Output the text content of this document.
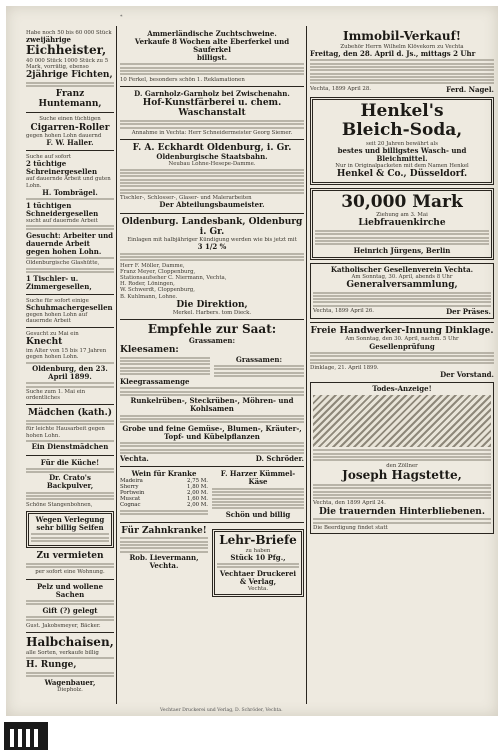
*
Habe noch 50 bis 60 000 Stück
zweijährige
Eichheister,
40 000 Stück 1000 Stück zu 5
Mark, vorrätig, ebenso
2jährige Fichten,
Franz Huntemann,
Suche einen tüchtigen
Cigarren-Roller
gegen hohen Lohn dauernd
F. W. Haller.
Suche auf sofort
2 tüchtige Schreinergesellen
auf dauernde Arbeit und guten Lohn.
H. Tombrägel.
1 tüchtigen Schneidergesellen
sucht auf dauernde Arbeit
Gesucht: Arbeiter und dauernde Arbeit gegen hohen Lohn.
Oldenburgische Glashütte,
1 Tischler- u. Zimmergesellen,
Suche für sofort einige
Schuhmachergesellen
gegen hohen Lohn auf dauernde Arbeit
Gesucht zu Mai ein
Knecht
im Alter von 15 bis 17 Jahren gegen hohen Lohn.
Oldenburg, den 23. April 1899.
Suche zum 1. Mai ein ordentliches
Mädchen (kath.)
für leichte Hausarbeit gegen hohen Lohn.
Ein Dienstmädchen
Für die Küche!
Dr. Crato's Backpulver,
Schöne Stangenbohnen,
Wegen Verlegung sehr billig Seifen
Zu vermieten
per sofort eine Wohnung.
Pelz und wollene Sachen
Gift (?) gelegt
Gust. Jakobsmeyer, Bäcker.
Halbchaisen,
alle Sorten, verkaufe billig
H. Runge,
Wagenbauer,
Diepholz.
Ammerländische Zuchtschweine.
Verkaufe 8 Wochen alte Eberferkel und Sauferkel
billigst.
10 Ferkel, besonders schön 1. Reklamationen
D. Garnholz-Garnholz bei Zwischenahn.
Hof-Kunstfärberei u. chem. Waschanstalt
Annahme in Vechta: Herr Schneidermeister Georg Siemer.
F. A. Eckhardt Oldenburg, i. Gr.
Oldenburgische Staatsbahn.
Neubau Lohne-Hesepe-Damme.
Tischler-, Schlosser-, Glaser- und Malerarbeiten
Der Abteilungsbaumeister.
Oldenburg. Landesbank, Oldenburg i. Gr.
Einlagen mit halbjähriger Kündigung werden wie bis jetzt mit
3 1/2 %
Herr F. Möller, Damme,
Franz Meyer, Cloppenburg,
Stationsaufseher C. Niermann, Vechta,
H. Roder, Löningen,
W. Schwerdt, Cloppenburg,
B. Kuhlmann, Lohne.
Die Direktion,
Merkel. Harbers. tom Dieck.
Empfehle zur Saat:
Grassamen:
Kleesamen:
Grassamen:
Kleegrassamenge
Runkelrüben-, Steckrüben-, Möhren- und Kohlsamen
Grobe und feine Gemüse-, Blumen-, Kräuter-, Topf- und Kübelpflanzen
Vechta.	D. Schröder.
Wein für Kranke
Madeira	2,75 M.
Sherry	1,80 M.
Portwein	2,00 M.
Muscat	1,60 M.
Cognac	2,00 M.
F. Harzer Kümmel-Käse
Schön und billig
Für Zahnkranke!
Rob. Lievermann, Vechta.
Lehr-Briefe
zu haben
Stück 10 Pfg.,
Vechtaer Druckerei & Verlag,
Vechta.
Immobil-Verkauf!
Zubehör Herrn Wilhelm Klövekorn zu Vechta
Freitag, den 28. April d. Js., mittags 2 Uhr
Vechta, 1899 April 28.	Ferd. Nagel.
Henkel's
Bleich-Soda,
seit 20 Jahren bewährt als
bestes und billigstes Wasch- und Bleichmittel.
Nur in Originalpacketen mit dem Namen Henkel
Henkel & Co., Düsseldorf.
30,000 Mark
Ziehung am 3. Mai
Liebfrauenkirche
Heinrich Jürgens, Berlin
Katholischer Gesellenverein Vechta.
Am Sonntag, 30. April, abends 8 Uhr
Generalversammlung,
Vechta, 1899 April 26.	Der Präses.
Freie Handwerker-Innung Dinklage.
Am Sonntag, den 30. April, nachm. 5 Uhr
Gesellenprüfung
Dinklage, 21. April 1899.
Der Vorstand.
Todes-Anzeige!
den Zöllner
Joseph Hagstette,
Vechta, den 1899 April 24.
Die trauernden Hinterbliebenen.
Die Beerdigung findet statt
Vechtaer Druckerei und Verlag, D. Schröder, Vechta.
